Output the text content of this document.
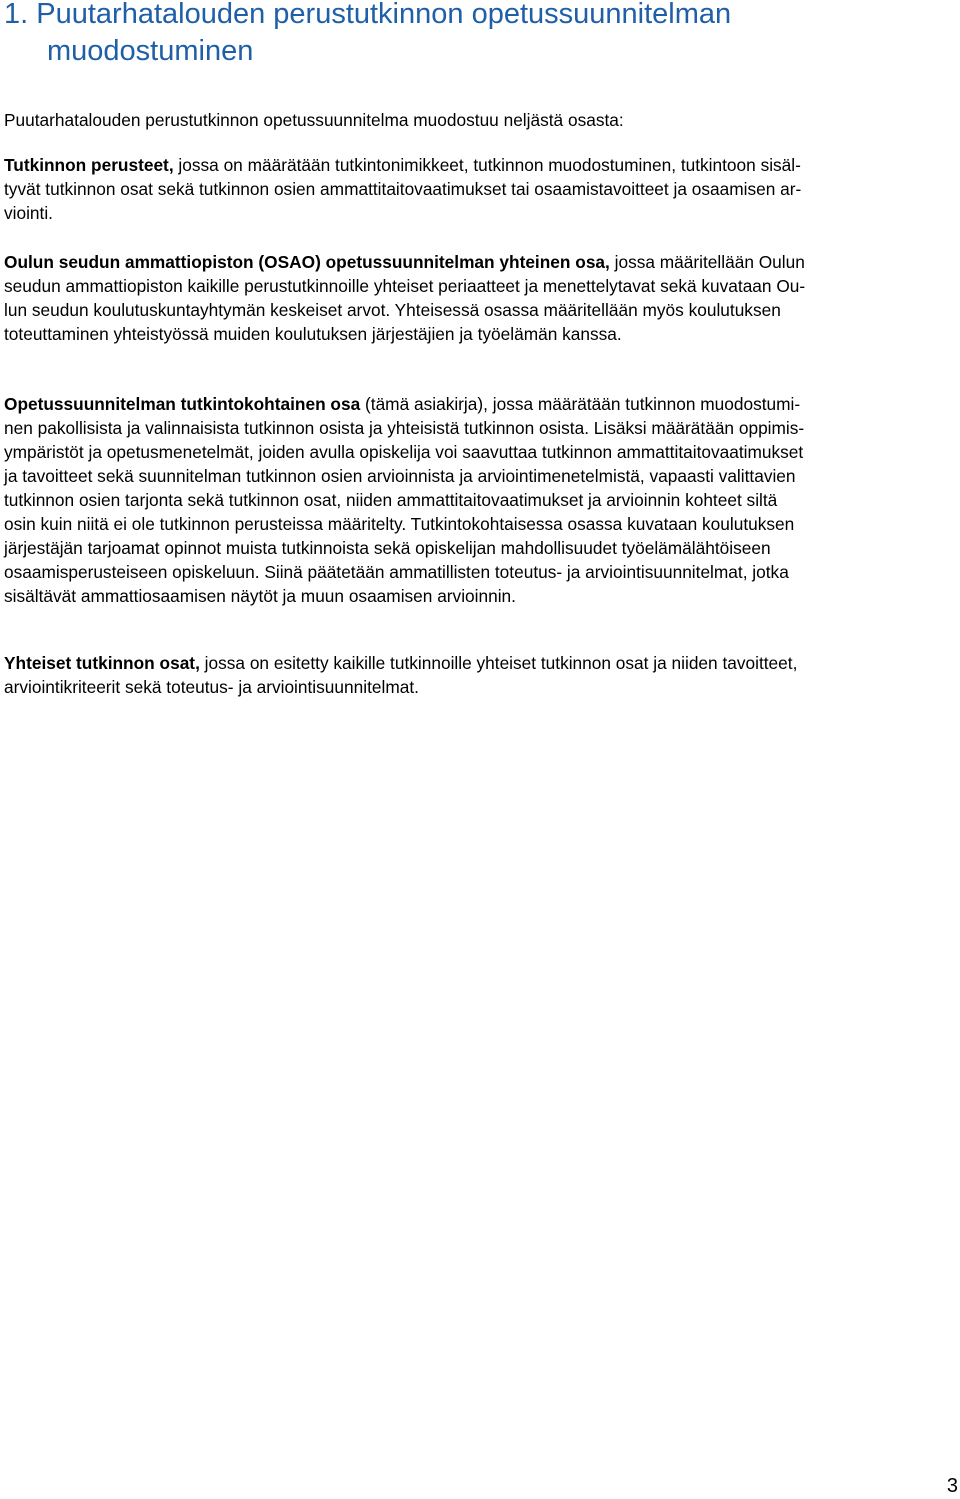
1. Puutarhatalouden perustutkinnon opetussuunnitelman
muodostuminen

Puutarhatalouden perustutkinnon opetussuunnitelma muodostuu neljästä osasta:

Tutkinnon perusteet, jossa on määrätään tutkintonimikkeet, tutkinnon muodostuminen, tutkintoon sisäl-
tyvät tutkinnon osat sekä tutkinnon osien ammattitaitovaatimukset tai osaamistavoitteet ja osaamisen ar-
viointi.

Oulun seudun ammattiopiston (OSAO) opetussuunnitelman yhteinen osa, jossa määritellään Oulun
seudun ammattiopiston kaikille perustutkinnoille yhteiset periaatteet ja menettelytavat sekä kuvataan Ou-
lun seudun koulutuskuntayhtymän keskeiset arvot. Yhteisessä osassa määritellään myös koulutuksen
toteuttaminen yhteistyössä muiden koulutuksen järjestäjien ja työelämän kanssa.

Opetussuunnitelman tutkintokohtainen osa (tämä asiakirja), jossa määrätään tutkinnon muodostumi-
nen pakollisista ja valinnaisista tutkinnon osista ja yhteisistä tutkinnon osista. Lisäksi määrätään oppimis-
ympäristöt ja opetusmenetelmät, joiden avulla opiskelija voi saavuttaa tutkinnon ammattitaitovaatimukset
ja tavoitteet sekä suunnitelman tutkinnon osien arvioinnista ja arviointimenetelmistä, vapaasti valittavien
tutkinnon osien tarjonta sekä tutkinnon osat, niiden ammattitaitovaatimukset ja arvioinnin kohteet siltä
osin kuin niitä ei ole tutkinnon perusteissa määritelty. Tutkintokohtaisessa osassa kuvataan koulutuksen
järjestäjän tarjoamat opinnot muista tutkinnoista sekä opiskelijan mahdollisuudet työelämälähtöiseen
osaamisperusteiseen opiskeluun. Siinä päätetään ammatillisten toteutus- ja arviointisuunnitelmat, jotka
sisältävät ammattiosaamisen näytöt ja muun osaamisen arvioinnin.

Yhteiset tutkinnon osat, jossa on esitetty kaikille tutkinnoille yhteiset tutkinnon osat ja niiden tavoitteet,
arviointikriteerit sekä toteutus- ja arviointisuunnitelmat.

3
